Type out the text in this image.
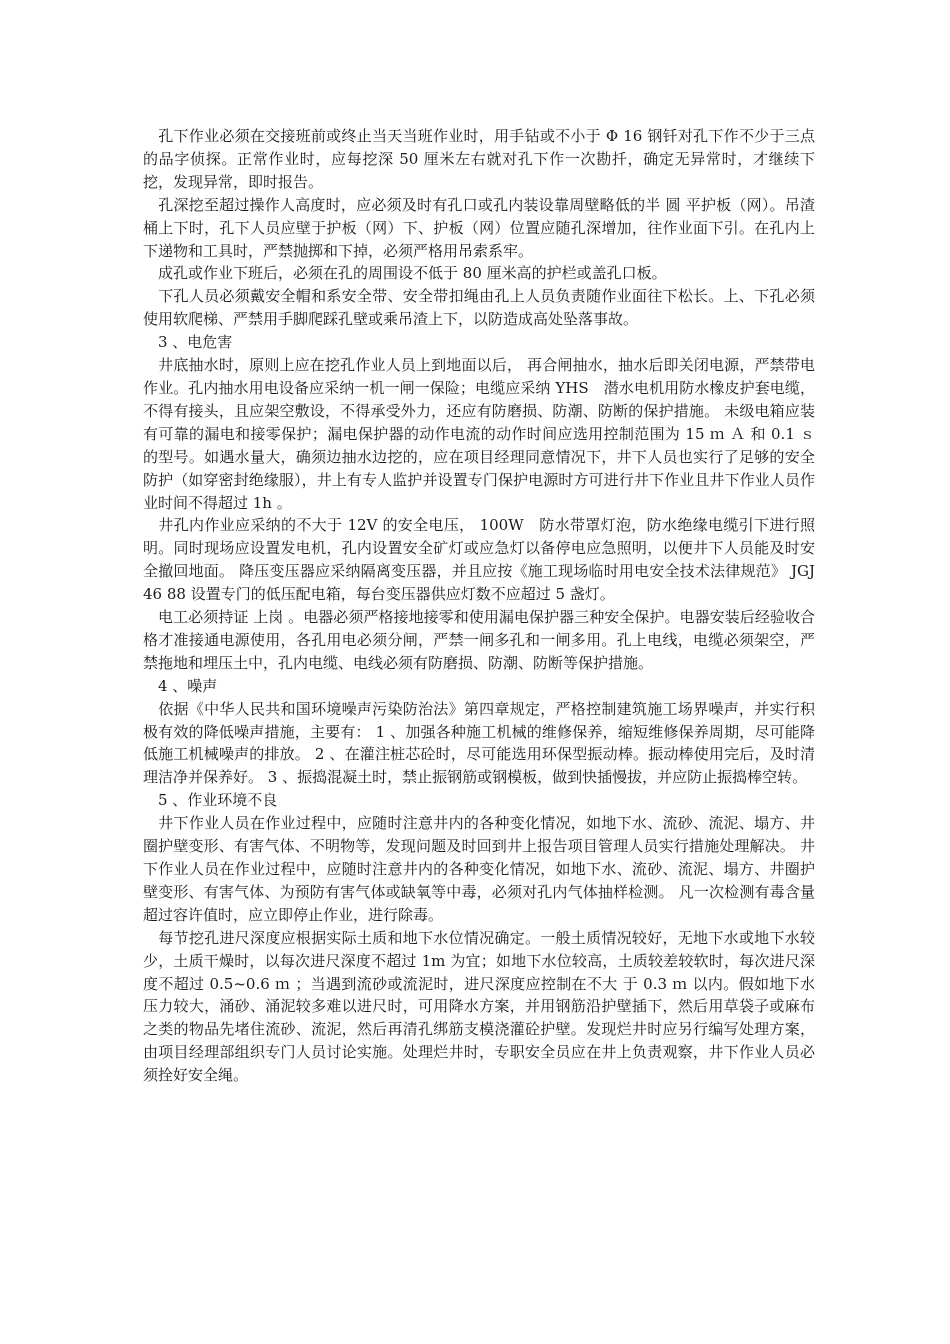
　孔下作业必须在交接班前或终止当天当班作业时，用手钻或不小于 Φ 16 钢钎对孔下作不少于三点的品字侦探。正常作业时，应每挖深 50 厘米左右就对孔下作一次勘扦，确定无异常时，才继续下挖，发现异常，即时报告。

　孔深挖至超过操作人高度时，应必须及时有孔口或孔内装设靠周壁略低的半 圆 平护板（网）。吊渣桶上下时，孔下人员应壁于护板（网）下、护板（网）位置应随孔深增加，往作业面下引。在孔内上下递物和工具时，严禁抛掷和下掉，必须严格用吊索系牢。

　成孔或作业下班后，必须在孔的周围设不低于 80 厘米高的护栏或盖孔口板。

　下孔人员必须戴安全帽和系安全带、安全带扣绳由孔上人员负责随作业面往下松长。上、下孔必须使用软爬梯、严禁用手脚爬踩孔壁或乘吊渣上下，以防造成高处坠落事故。

　3 、电危害

　井底抽水时，原则上应在挖孔作业人员上到地面以后， 再合闸抽水，抽水后即关闭电源，严禁带电作业。孔内抽水用电设备应采纳一机一闸一保险；电缆应采纳 YHS　潜水电机用防水橡皮护套电缆，不得有接头，且应架空敷设，不得承受外力，还应有防磨损、防潮、防断的保护措施。 未级电箱应装有可靠的漏电和接零保护；漏电保护器的动作电流的动作时间应选用控制范围为 15 ｍ Ａ 和 0.1 ｓ 的型号。如遇水量大，确须边抽水边挖的，应在项目经理同意情况下，井下人员也实行了足够的安全防护（如穿密封绝缘服），井上有专人监护并设置专门保护电源时方可进行井下作业且井下作业人员作业时间不得超过 1h 。

　井孔内作业应采纳的不大于 12V 的安全电压， 100W　防水带罩灯泡，防水绝缘电缆引下进行照明。同时现场应设置发电机，孔内设置安全矿灯或应急灯以备停电应急照明，以便井下人员能及时安全撤回地面。 降压变压器应采纳隔离变压器，并且应按《施工现场临时用电安全技术法律规范》 JGJ 46 88 设置专门的低压配电箱，每台变压器供应灯数不应超过 5 盏灯。

　电工必须持证 上岗 。电器必须严格接地接零和使用漏电保护器三种安全保护。电器安装后经验收合格才准接通电源使用，各孔用电必须分闸，严禁一闸多孔和一闸多用。孔上电线，电缆必须架空，严禁拖地和埋压土中，孔内电缆、电线必须有防磨损、防潮、防断等保护措施。

　4 、噪声

　依据《中华人民共和国环境噪声污染防治法》第四章规定，严格控制建筑施工场界噪声，并实行积极有效的降低噪声措施，主要有： 1 、加强各种施工机械的维修保养，缩短维修保养周期，尽可能降低施工机械噪声的排放。 2 、在灌注桩芯砼时，尽可能选用环保型振动棒。振动棒使用完后，及时清理洁净并保养好。 3 、振捣混凝土时，禁止振钢筋或钢模板，做到快插慢拔，并应防止振捣棒空转。

　5 、作业环境不良

　井下作业人员在作业过程中，应随时注意井内的各种变化情况，如地下水、流砂、流泥、塌方、井圈护壁变形、有害气体、不明物等，发现问题及时回到井上报告项目管理人员实行措施处理解决。 井下作业人员在作业过程中，应随时注意井内的各种变化情况，如地下水、流砂、流泥、塌方、井圈护壁变形、有害气体、为预防有害气体或缺氧等中毒，必须对孔内气体抽样检测。 凡一次检测有毒含量超过容许值时，应立即停止作业，进行除毒。

　每节挖孔进尺深度应根据实际土质和地下水位情况确定。一般土质情况较好，无地下水或地下水较少，土质干燥时，以每次进尺深度不超过 1m 为宜；如地下水位较高，土质较差较软时，每次进尺深度不超过 0.5~0.6 ｍ ；当遇到流砂或流泥时，进尺深度应控制在不大 于 0.3 ｍ 以内。假如地下水压力较大，涌砂、涌泥较多难以进尺时，可用降水方案，并用钢筋沿护壁插下，然后用草袋子或麻布之类的物品先堵住流砂、流泥，然后再清孔绑筋支模浇灌砼护壁。发现烂井时应另行编写处理方案，由项目经理部组织专门人员讨论实施。处理烂井时，专职安全员应在井上负责观察，井下作业人员必须拴好安全绳。
